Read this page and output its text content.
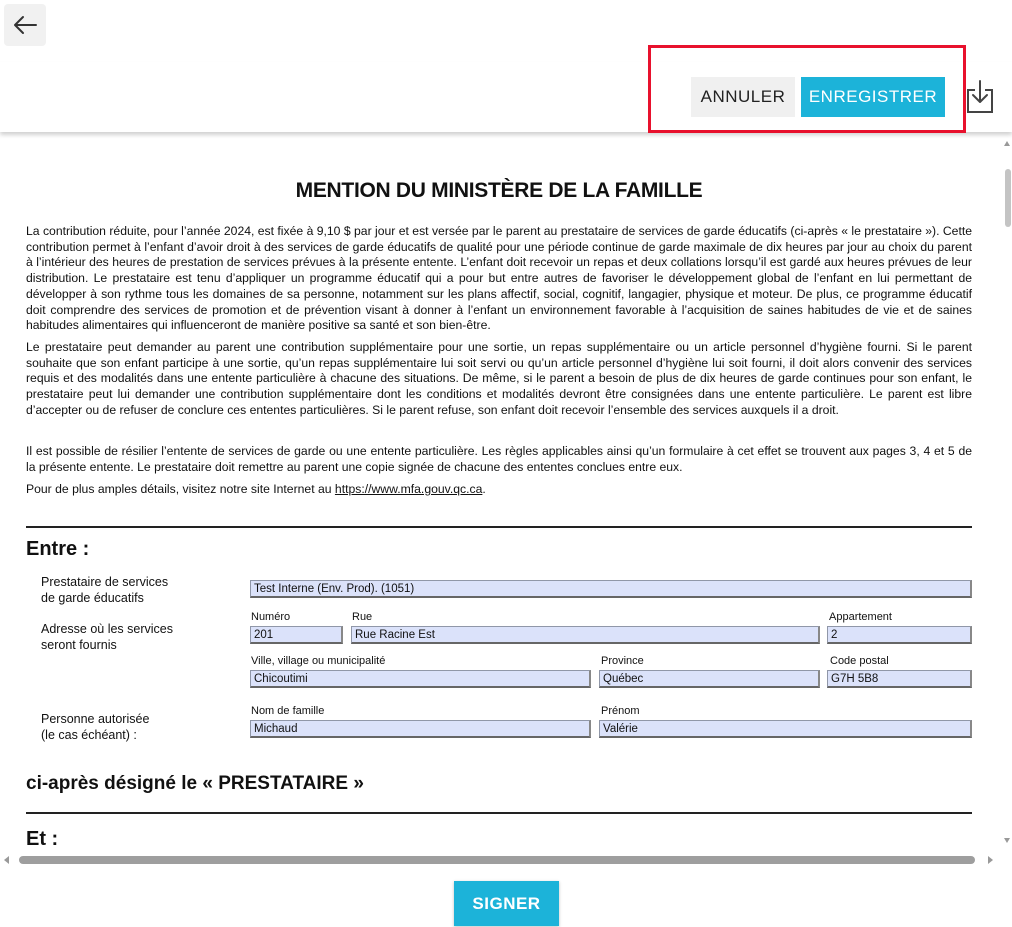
ANNULER	ENREGISTRER
MENTION DU MINISTÈRE DE LA FAMILLE

La contribution réduite, pour l’année 2024, est fixée à 9,10 $ par jour et est versée par le parent au prestataire de services de garde éducatifs (ci-après « le prestataire »). Cette contribution permet à l’enfant d’avoir droit à des services de garde éducatifs de qualité pour une période continue de garde maximale de dix heures par jour au choix du parent à l’intérieur des heures de prestation de services prévues à la présente entente. L’enfant doit recevoir un repas et deux collations lorsqu’il est gardé aux heures prévues de leur distribution. Le prestataire est tenu d’appliquer un programme éducatif qui a pour but entre autres de favoriser le développement global de l’enfant en lui permettant de développer à son rythme tous les domaines de sa personne, notamment sur les plans affectif, social, cognitif, langagier, physique et moteur. De plus, ce programme éducatif doit comprendre des services de promotion et de prévention visant à donner à l’enfant un environnement favorable à l’acquisition de saines habitudes de vie et de saines habitudes alimentaires qui influenceront de manière positive sa santé et son bien-être.

Le prestataire peut demander au parent une contribution supplémentaire pour une sortie, un repas supplémentaire ou un article personnel d’hygiène fourni. Si le parent souhaite que son enfant participe à une sortie, qu’un repas supplémentaire lui soit servi ou qu’un article personnel d’hygiène lui soit fourni, il doit alors convenir des services requis et des modalités dans une entente particulière à chacune des situations. De même, si le parent a besoin de plus de dix heures de garde continues pour son enfant, le prestataire peut lui demander une contribution supplémentaire dont les conditions et modalités devront être consignées dans une entente particulière. Le parent est libre d’accepter ou de refuser de conclure ces ententes particulières. Si le parent refuse, son enfant doit recevoir l’ensemble des services auxquels il a droit.

Il est possible de résilier l’entente de services de garde ou une entente particulière. Les règles applicables ainsi qu’un formulaire à cet effet se trouvent aux pages 3, 4 et 5 de la présente entente. Le prestataire doit remettre au parent une copie signée de chacune des ententes conclues entre eux.

Pour de plus amples détails, visitez notre site Internet au https://www.mfa.gouv.qc.ca.

Entre :
Prestataire de services
de garde éducatifs
Test Interne (Env. Prod). (1051)
Adresse où les services
seront fournis
Numéro
201
Rue
Rue Racine Est
Appartement
2
Ville, village ou municipalité
Chicoutimi
Province
Québec
Code postal
G7H 5B8
Personne autorisée
(le cas échéant) :
Nom de famille
Michaud
Prénom
Valérie
ci-après désigné le « PRESTATAIRE »
Et :
SIGNER
